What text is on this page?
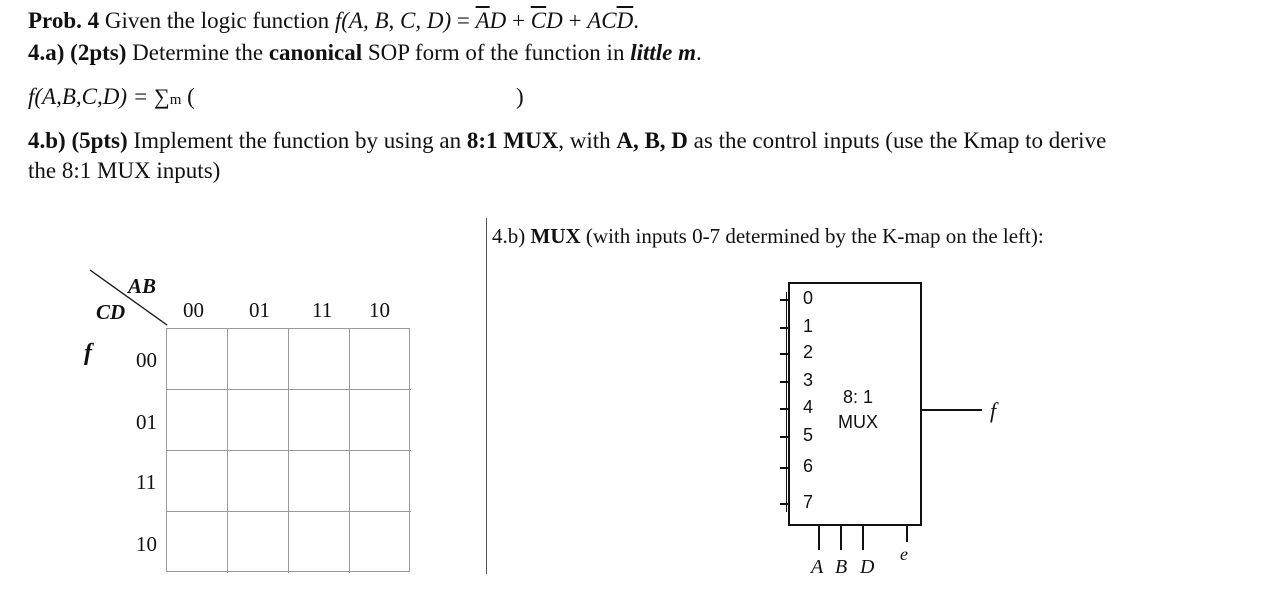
Prob. 4 Given the logic function f(A, B, C, $D) = \overline{A}D + \overline{C}D + AC\overline{D}$.
4.a) (2pts) Determine the canonical SOP form of the function in little m.
f(A,B,C,D) = ∑m (	)
4.b) (5pts) Implement the function by using an 8:1 MUX, with A, B, D as the control inputs (use the Kmap to derive
the 8:1 MUX inputs)
AB
CD
f
00 01 11 10
00
01
11
10
4.b) MUX (with inputs 0-7 determined by the K-map on the left):
8: 1
MUX
0
1
2
3
4
5
6
7
f
A B D
e
